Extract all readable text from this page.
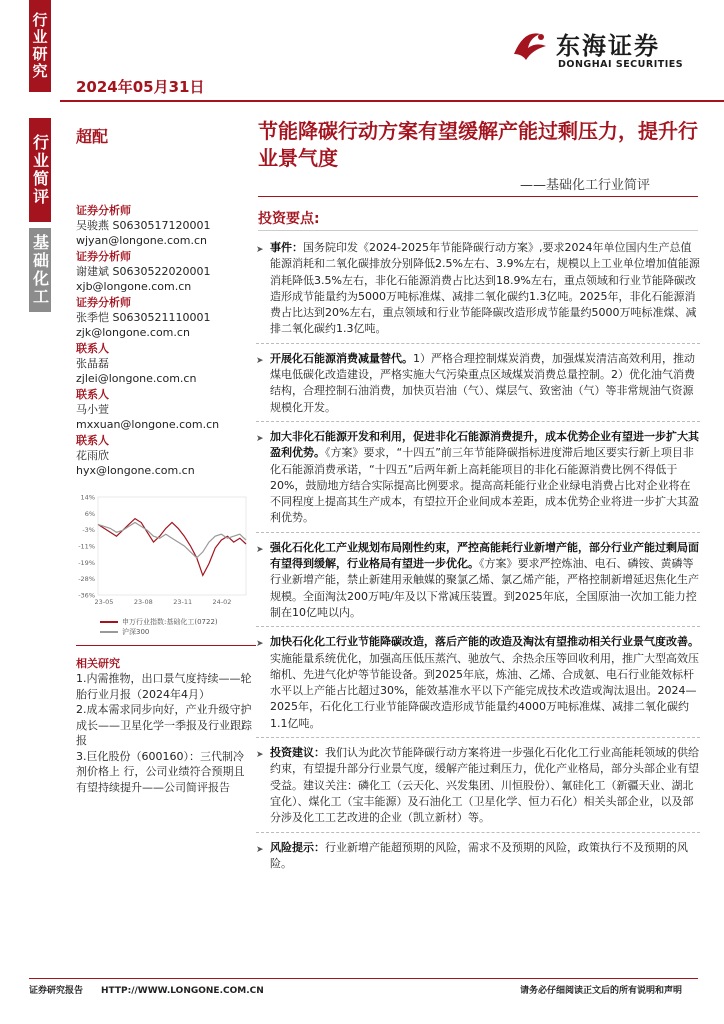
行业研究
2024年05月31日
东海证券
DONGHAI SECURITIES
行业简评
基础化工
超配	节能降碳行动方案有望缓解产能过剩压力，提升行业景气度
——基础化工行业简评
证券分析师
吴骏燕 S0630517120001
wjyan@longone.com.cn
证券分析师
谢建斌 S0630522020001
xjb@longone.com.cn
证券分析师
张季恺 S0630521110001
zjk@longone.com.cn
联系人
张晶磊
zjlei@longone.com.cn
联系人
马小萱
mxxuan@longone.com.cn
联系人
花雨欣
hyx@longone.com.cn
14%
6%
-3%
-11%
-19%
-28%
-36%
23-05	23-08	23-11	24-02
申万行业指数:基础化工(0722)
沪深300
相关研究
1.内需推物，出口景气度持续——轮胎行业月报（2024年4月）
2.成本需求同步向好，产业升级守护成长——卫星化学一季报及行业跟踪报
3.巨化股份（600160）：三代制冷剂价格上 行，公司业绩符合预期且有望持续提升——公司简评报告
投资要点:
➤ 事件：国务院印发《2024-2025年节能降碳行动方案》,要求2024年单位国内生产总值能源消耗和二氧化碳排放分别降低2.5%左右、3.9%左右，规模以上工业单位增加值能源消耗降低3.5%左右，非化石能源消费占比达到18.9%左右，重点领域和行业节能降碳改造形成节能量约为5000万吨标准煤、减排二氧化碳约1.3亿吨。2025年，非化石能源消费占比达到20%左右，重点领域和行业节能降碳改造形成节能量约5000万吨标准煤、减排二氧化碳约1.3亿吨。
➤ 开展化石能源消费减量替代。1）严格合理控制煤炭消费，加强煤炭清洁高效利用，推动煤电低碳化改造建设，严格实施大气污染重点区域煤炭消费总量控制。2）优化油气消费结构，合理控制石油消费，加快页岩油（气）、煤层气、致密油（气）等非常规油气资源规模化开发。
➤ 加大非化石能源开发和利用，促进非化石能源消费提升，成本优势企业有望进一步扩大其盈利优势。《方案》要求，“十四五”前三年节能降碳指标进度滞后地区要实行新上项目非化石能源消费承诺，“十四五”后两年新上高耗能项目的非化石能源消费比例不得低于20%，鼓励地方结合实际提高比例要求。提高高耗能行业企业绿电消费占比对企业将在不同程度上提高其生产成本，有望拉开企业间成本差距，成本优势企业将进一步扩大其盈利优势。
➤ 强化石化化工产业规划布局刚性约束，严控高能耗行业新增产能，部分行业产能过剩局面有望得到缓解，行业格局有望进一步优化。《方案》要求严控炼油、电石、磷铵、黄磷等行业新增产能，禁止新建用汞触媒的聚氯乙烯、氯乙烯产能，严格控制新增延迟焦化生产规模。全面淘汰200万吨/年及以下常减压装置。到2025年底，全国原油一次加工能力控制在10亿吨以内。
➤ 加快石化化工行业节能降碳改造，落后产能的改造及淘汰有望推动相关行业景气度改善。实施能量系统优化，加强高压低压蒸汽、驰放气、余热余压等回收利用，推广大型高效压缩机、先进气化炉等节能设备。到2025年底，炼油、乙烯、合成氨、电石行业能效标杆水平以上产能占比超过30%，能效基准水平以下产能完成技术改造或淘汰退出。2024—2025年，石化化工行业节能降碳改造形成节能量约4000万吨标准煤、减排二氧化碳约1.1亿吨。
➤ 投资建议：我们认为此次节能降碳行动方案将进一步强化石化化工行业高能耗领域的供给约束，有望提升部分行业景气度，缓解产能过剩压力，优化产业格局，部分头部企业有望受益。建议关注：磷化工（云天化、兴发集团、川恒股份）、氟硅化工（新疆天业、湖北宜化）、煤化工（宝丰能源）及石油化工（卫星化学、恒力石化）相关头部企业，以及部分涉及化工工艺改进的企业（凯立新材）等。
➤ 风险提示：行业新增产能超预期的风险，需求不及预期的风险，政策执行不及预期的风险。
证券研究报告　　HTTP://WWW.LONGONE.COM.CN	请务必仔细阅读正文后的所有说明和声明
